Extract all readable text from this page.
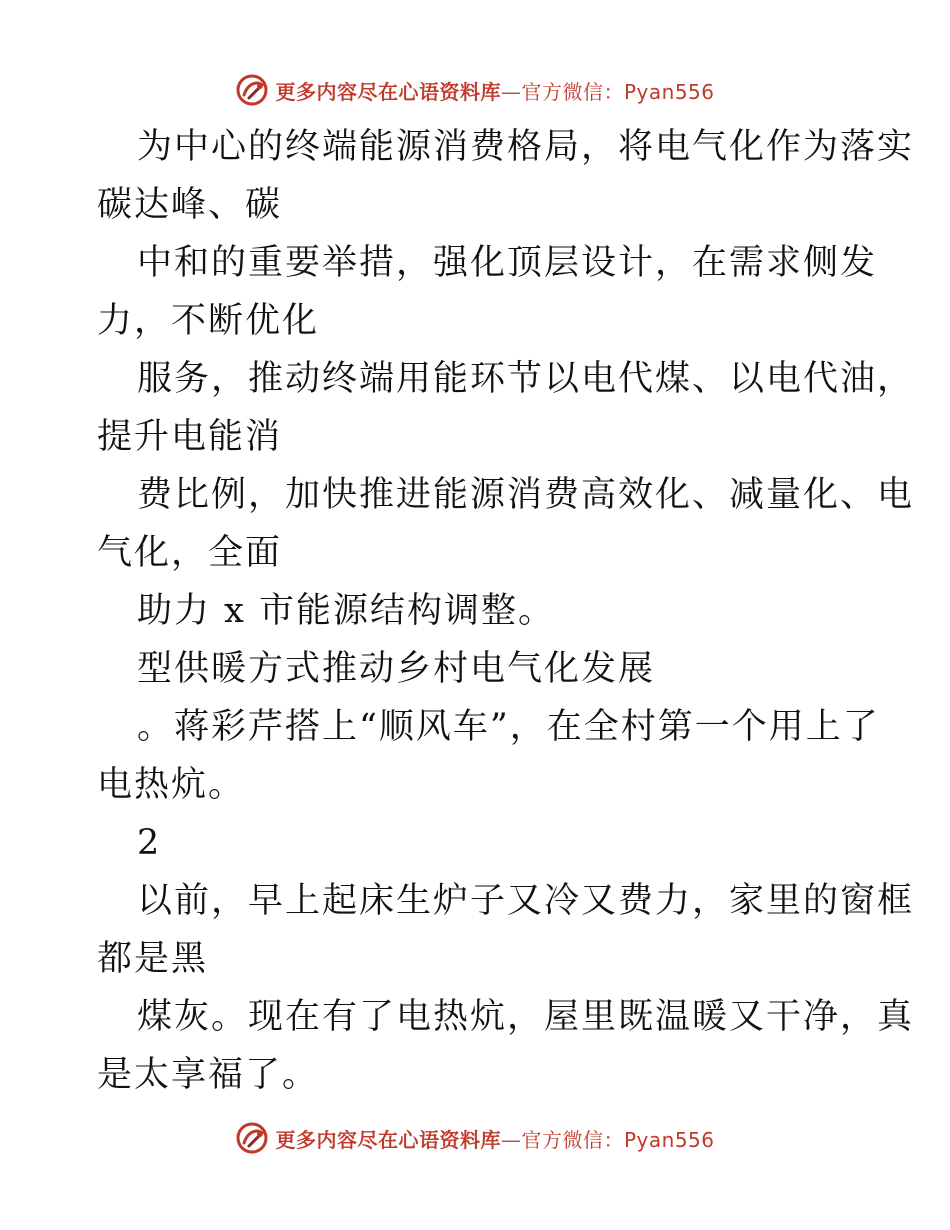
更多内容尽在心语资料库—官方微信：Pyan556
为中心的终端能源消费格局，将电气化作为落实
碳达峰、碳
中和的重要举措，强化顶层设计，在需求侧发
力，不断优化
服务，推动终端用能环节以电代煤、以电代油，
提升电能消
费比例，加快推进能源消费高效化、减量化、电
气化，全面
助力 x 市能源结构调整。
型供暖方式推动乡村电气化发展
。蒋彩芹搭上“顺风车”，在全村第一个用上了
电热炕。
2
以前，早上起床生炉子又冷又费力，家里的窗框
都是黑
煤灰。现在有了电热炕，屋里既温暖又干净，真
是太享福了。
更多内容尽在心语资料库—官方微信：Pyan556
